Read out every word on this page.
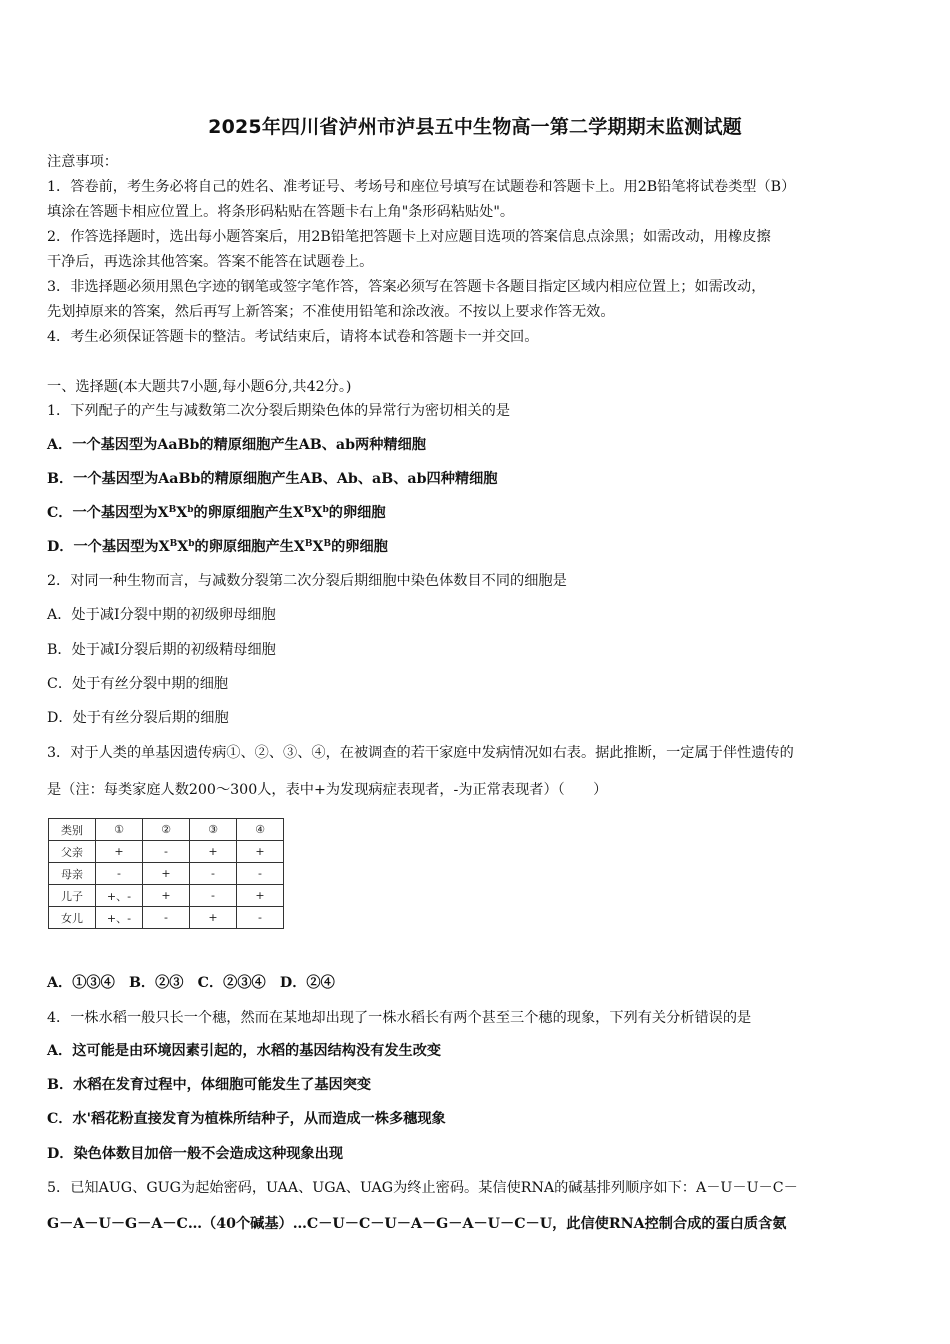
2025年四川省泸州市泸县五中生物高一第二学期期末监测试题
注意事项：
1．答卷前，考生务必将自己的姓名、准考证号、考场号和座位号填写在试题卷和答题卡上。用2B铅笔将试卷类型（B）
填涂在答题卡相应位置上。将条形码粘贴在答题卡右上角"条形码粘贴处"。
2．作答选择题时，选出每小题答案后，用2B铅笔把答题卡上对应题目选项的答案信息点涂黑；如需改动，用橡皮擦
干净后，再选涂其他答案。答案不能答在试题卷上。
3．非选择题必须用黑色字迹的钢笔或签字笔作答，答案必须写在答题卡各题目指定区域内相应位置上；如需改动，
先划掉原来的答案，然后再写上新答案；不准使用铅笔和涂改液。不按以上要求作答无效。
4．考生必须保证答题卡的整洁。考试结束后，请将本试卷和答题卡一并交回。
一、选择题(本大题共7小题,每小题6分,共42分。)
1．下列配子的产生与减数第二次分裂后期染色体的异常行为密切相关的是
A．一个基因型为AaBb的精原细胞产生AB、ab两种精细胞
B．一个基因型为AaBb的精原细胞产生AB、Ab、aB、ab四种精细胞
C．一个基因型为$X^BX^b$的卵原细胞产生$X^BX^b$的卵细胞
D．一个基因型为$X^BX^b$的卵原细胞产生$X^BX^B$的卵细胞
2．对同一种生物而言，与减数分裂第二次分裂后期细胞中染色体数目不同的细胞是
A．处于减Ⅰ分裂中期的初级卵母细胞
B．处于减Ⅰ分裂后期的初级精母细胞
C．处于有丝分裂中期的细胞
D．处于有丝分裂后期的细胞
3．对于人类的单基因遗传病①、②、③、④，在被调查的若干家庭中发病情况如右表。据此推断，一定属于伴性遗传的
是（注：每类家庭人数200～300人，表中+为发现病症表现者，-为正常表现者）（　　）
类别	①	②	③	④
父亲	+	-	+	+
母亲	-	+	-	-
儿子	+、-	+	-	+
女儿	+、-	-	+	-
A．①③④　B．②③　C．②③④　D．②④
4．一株水稻一般只长一个穗，然而在某地却出现了一株水稻长有两个甚至三个穗的现象，下列有关分析错误的是
A．这可能是由环境因素引起的，水稻的基因结构没有发生改变
B．水稻在发育过程中，体细胞可能发生了基因突变
C．水'稻花粉直接发育为植株所结种子，从而造成一株多穗现象
D．染色体数目加倍一般不会造成这种现象出现
5．已知AUG、GUG为起始密码，UAA、UGA、UAG为终止密码。某信使RNA的碱基排列顺序如下：A－U－U－C－
G－A－U－G－A－C…（40个碱基）…C－U－C－U－A－G－A－U－C－U，此信使RNA控制合成的蛋白质含氨
